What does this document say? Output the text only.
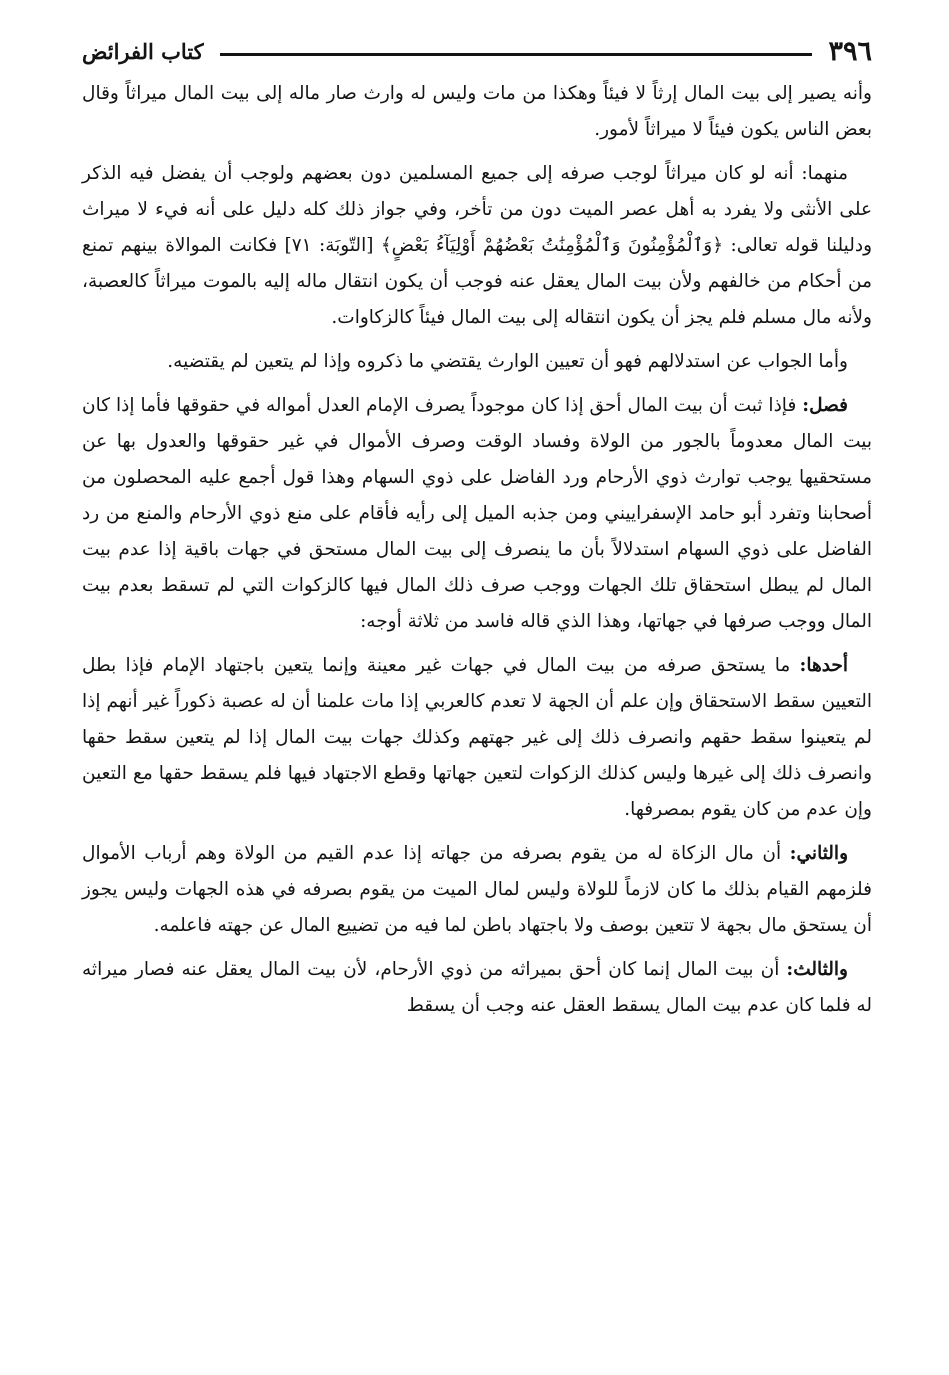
٣٩٦
كتاب الفرائض

وأنه يصير إلى بيت المال إرثاً لا فيئاً وهكذا من مات وليس له وارث صار ماله إلى بيت المال ميراثاً وقال بعض الناس يكون فيئاً لا ميراثاً لأمور.

منهما: أنه لو كان ميراثاً لوجب صرفه إلى جميع المسلمين دون بعضهم ولوجب أن يفضل فيه الذكر على الأنثى ولا يفرد به أهل عصر الميت دون من تأخر، وفي جواز ذلك كله دليل على أنه فيء لا ميراث ودليلنا قوله تعالى: ﴿وَٱلْمُؤْمِنُونَ وَٱلْمُؤْمِنَٰتُ بَعْضُهُمْ أَوْلِيَآءُ بَعْضٍ﴾ [التّوبَة: ٧١] فكانت الموالاة بينهم تمنع من أحكام من خالفهم ولأن بيت المال يعقل عنه فوجب أن يكون انتقال ماله إليه بالموت ميراثاً كالعصبة، ولأنه مال مسلم فلم يجز أن يكون انتقاله إلى بيت المال فيئاً كالزكاوات.

وأما الجواب عن استدلالهم فهو أن تعيين الوارث يقتضي ما ذكروه وإذا لم يتعين لم يقتضيه.

فصل: فإذا ثبت أن بيت المال أحق إذا كان موجوداً يصرف الإمام العدل أمواله في حقوقها فأما إذا كان بيت المال معدوماً بالجور من الولاة وفساد الوقت وصرف الأموال في غير حقوقها والعدول بها عن مستحقيها يوجب توارث ذوي الأرحام ورد الفاضل على ذوي السهام وهذا قول أجمع عليه المحصلون من أصحابنا وتفرد أبو حامد الإسفراييني ومن جذبه الميل إلى رأيه فأقام على منع ذوي الأرحام والمنع من رد الفاضل على ذوي السهام استدلالاً بأن ما ينصرف إلى بيت المال مستحق في جهات باقية إذا عدم بيت المال لم يبطل استحقاق تلك الجهات ووجب صرف ذلك المال فيها كالزكوات التي لم تسقط بعدم بيت المال ووجب صرفها في جهاتها، وهذا الذي قاله فاسد من ثلاثة أوجه:

أحدها: ما يستحق صرفه من بيت المال في جهات غير معينة وإنما يتعين باجتهاد الإمام فإذا بطل التعيين سقط الاستحقاق وإن علم أن الجهة لا تعدم كالعربي إذا مات علمنا أن له عصبة ذكوراً غير أنهم إذا لم يتعينوا سقط حقهم وانصرف ذلك إلى غير جهتهم وكذلك جهات بيت المال إذا لم يتعين سقط حقها وانصرف ذلك إلى غيرها وليس كذلك الزكوات لتعين جهاتها وقطع الاجتهاد فيها فلم يسقط حقها مع التعين وإن عدم من كان يقوم بمصرفها.

والثاني: أن مال الزكاة له من يقوم بصرفه من جهاته إذا عدم القيم من الولاة وهم أرباب الأموال فلزمهم القيام بذلك ما كان لازماً للولاة وليس لمال الميت من يقوم بصرفه في هذه الجهات وليس يجوز أن يستحق مال بجهة لا تتعين بوصف ولا باجتهاد باطن لما فيه من تضييع المال عن جهته فاعلمه.

والثالث: أن بيت المال إنما كان أحق بميراثه من ذوي الأرحام، لأن بيت المال يعقل عنه فصار ميراثه له فلما كان عدم بيت المال يسقط العقل عنه وجب أن يسقط
